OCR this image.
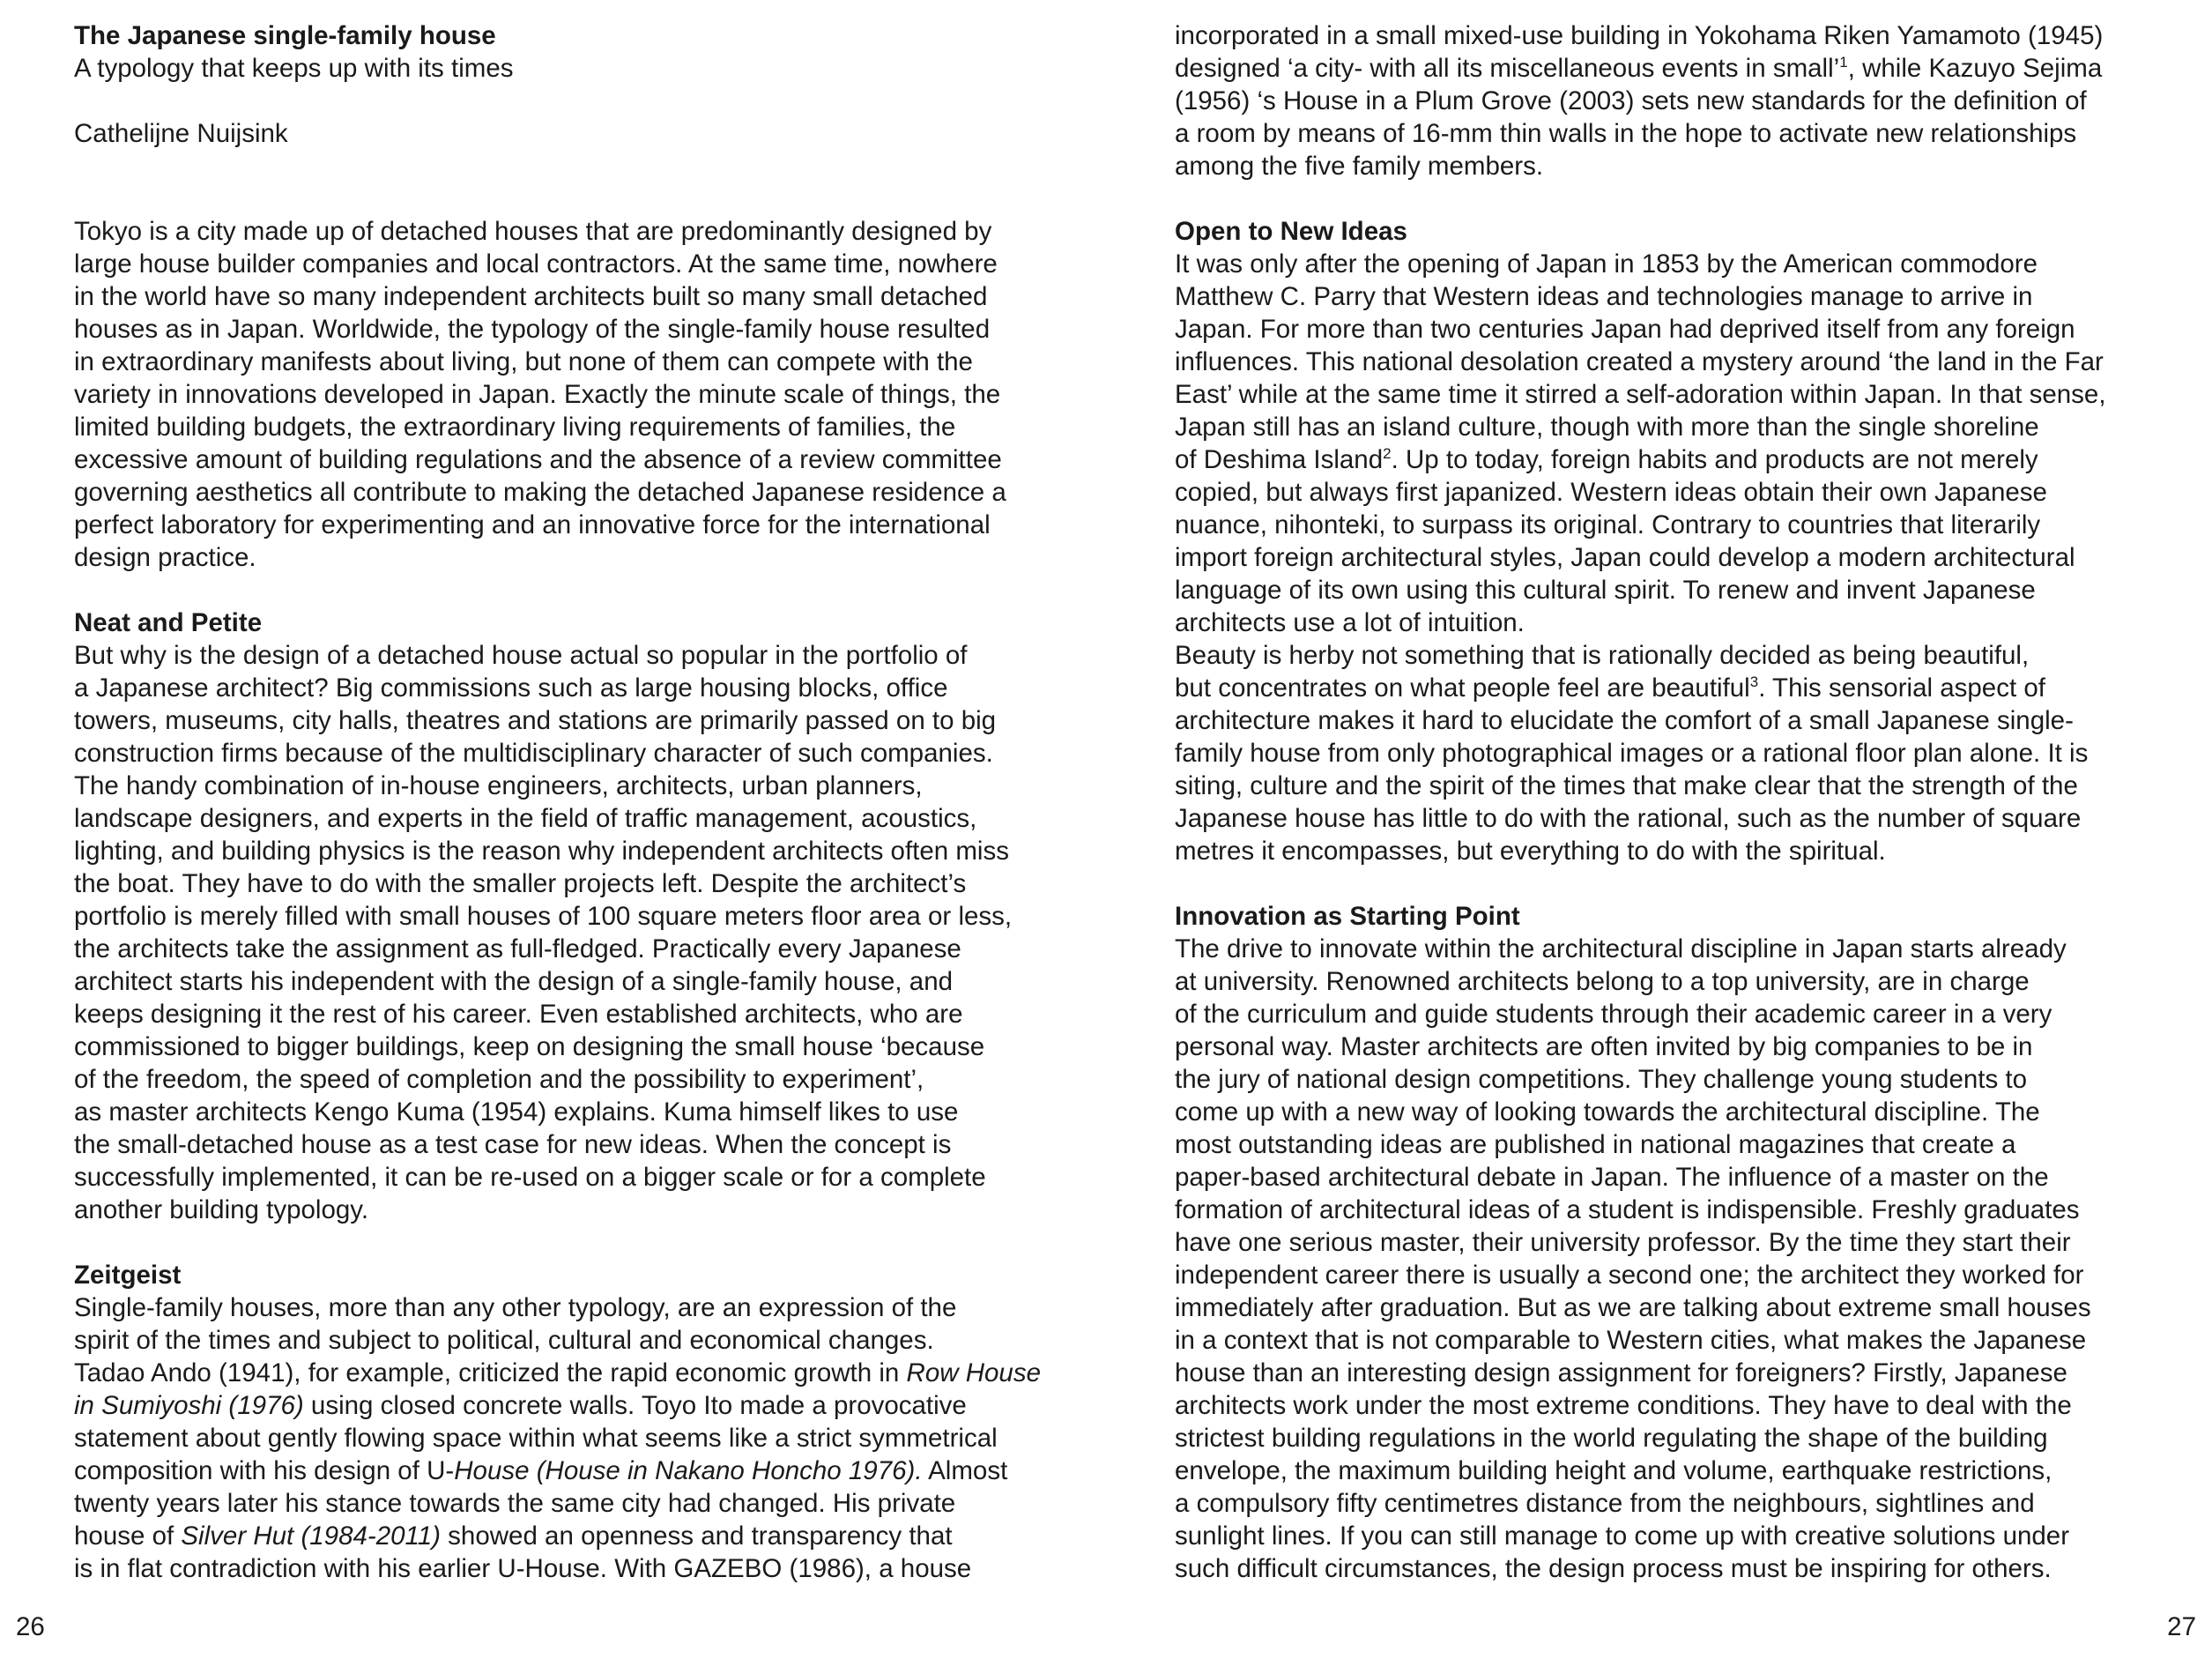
The Japanese single-family house
A typology that keeps up with its times
Cathelijne Nuijsink
Tokyo is a city made up of detached houses that are predominantly designed by
large house builder companies and local contractors. At the same time, nowhere
in the world have so many independent architects built so many small detached
houses as in Japan. Worldwide, the typology of the single-family house resulted
in extraordinary manifests about living, but none of them can compete with the
variety in innovations developed in Japan. Exactly the minute scale of things, the
limited building budgets, the extraordinary living requirements of families, the
excessive amount of building regulations and the absence of a review committee
governing aesthetics all contribute to making the detached Japanese residence a
perfect laboratory for experimenting and an innovative force for the international
design practice.
Neat and Petite
But why is the design of a detached house actual so popular in the portfolio of
a Japanese architect? Big commissions such as large housing blocks, office
towers, museums, city halls, theatres and stations are primarily passed on to big
construction firms because of the multidisciplinary character of such companies.
The handy combination of in-house engineers, architects, urban planners,
landscape designers, and experts in the field of traffic management, acoustics,
lighting, and building physics is the reason why independent architects often miss
the boat. They have to do with the smaller projects left. Despite the architect’s
portfolio is merely filled with small houses of 100 square meters floor area or less,
the architects take the assignment as full-fledged. Practically every Japanese
architect starts his independent with the design of a single-family house, and
keeps designing it the rest of his career. Even established architects, who are
commissioned to bigger buildings, keep on designing the small house ‘because
of the freedom, the speed of completion and the possibility to experiment’,
as master architects Kengo Kuma (1954) explains. Kuma himself likes to use
the small-detached house as a test case for new ideas. When the concept is
successfully implemented, it can be re-used on a bigger scale or for a complete
another building typology.
Zeitgeist
Single-family houses, more than any other typology, are an expression of the
spirit of the times and subject to political, cultural and economical changes.
Tadao Ando (1941), for example, criticized the rapid economic growth in Row House
in Sumiyoshi (1976) using closed concrete walls. Toyo Ito made a provocative
statement about gently flowing space within what seems like a strict symmetrical
composition with his design of U-House (House in Nakano Honcho 1976). Almost
twenty years later his stance towards the same city had changed. His private
house of Silver Hut (1984-2011) showed an openness and transparency that
is in flat contradiction with his earlier U-House. With GAZEBO (1986), a house
26
incorporated in a small mixed-use building in Yokohama Riken Yamamoto (1945)
designed ‘a city- with all its miscellaneous events in small’$^1$, while Kazuyo Sejima
(1956) ‘s House in a Plum Grove (2003) sets new standards for the definition of
a room by means of 16-mm thin walls in the hope to activate new relationships
among the five family members.
Open to New Ideas
It was only after the opening of Japan in 1853 by the American commodore
Matthew C. Parry that Western ideas and technologies manage to arrive in
Japan. For more than two centuries Japan had deprived itself from any foreign
influences. This national desolation created a mystery around ‘the land in the Far
East’ while at the same time it stirred a self-adoration within Japan. In that sense,
Japan still has an island culture, though with more than the single shoreline
of Deshima Island$^2$. Up to today, foreign habits and products are not merely
copied, but always first japanized. Western ideas obtain their own Japanese
nuance, nihonteki, to surpass its original. Contrary to countries that literarily
import foreign architectural styles, Japan could develop a modern architectural
language of its own using this cultural spirit. To renew and invent Japanese
architects use a lot of intuition.
Beauty is herby not something that is rationally decided as being beautiful,
but concentrates on what people feel are beautiful$^3$. This sensorial aspect of
architecture makes it hard to elucidate the comfort of a small Japanese single-
family house from only photographical images or a rational floor plan alone. It is
siting, culture and the spirit of the times that make clear that the strength of the
Japanese house has little to do with the rational, such as the number of square
metres it encompasses, but everything to do with the spiritual.
Innovation as Starting Point
The drive to innovate within the architectural discipline in Japan starts already
at university. Renowned architects belong to a top university, are in charge
of the curriculum and guide students through their academic career in a very
personal way. Master architects are often invited by big companies to be in
the jury of national design competitions. They challenge young students to
come up with a new way of looking towards the architectural discipline. The
most outstanding ideas are published in national magazines that create a
paper-based architectural debate in Japan. The influence of a master on the
formation of architectural ideas of a student is indispensible. Freshly graduates
have one serious master, their university professor. By the time they start their
independent career there is usually a second one; the architect they worked for
immediately after graduation. But as we are talking about extreme small houses
in a context that is not comparable to Western cities, what makes the Japanese
house than an interesting design assignment for foreigners? Firstly, Japanese
architects work under the most extreme conditions. They have to deal with the
strictest building regulations in the world regulating the shape of the building
envelope, the maximum building height and volume, earthquake restrictions,
a compulsory fifty centimetres distance from the neighbours, sightlines and
sunlight lines. If you can still manage to come up with creative solutions under
such difficult circumstances, the design process must be inspiring for others.
27
